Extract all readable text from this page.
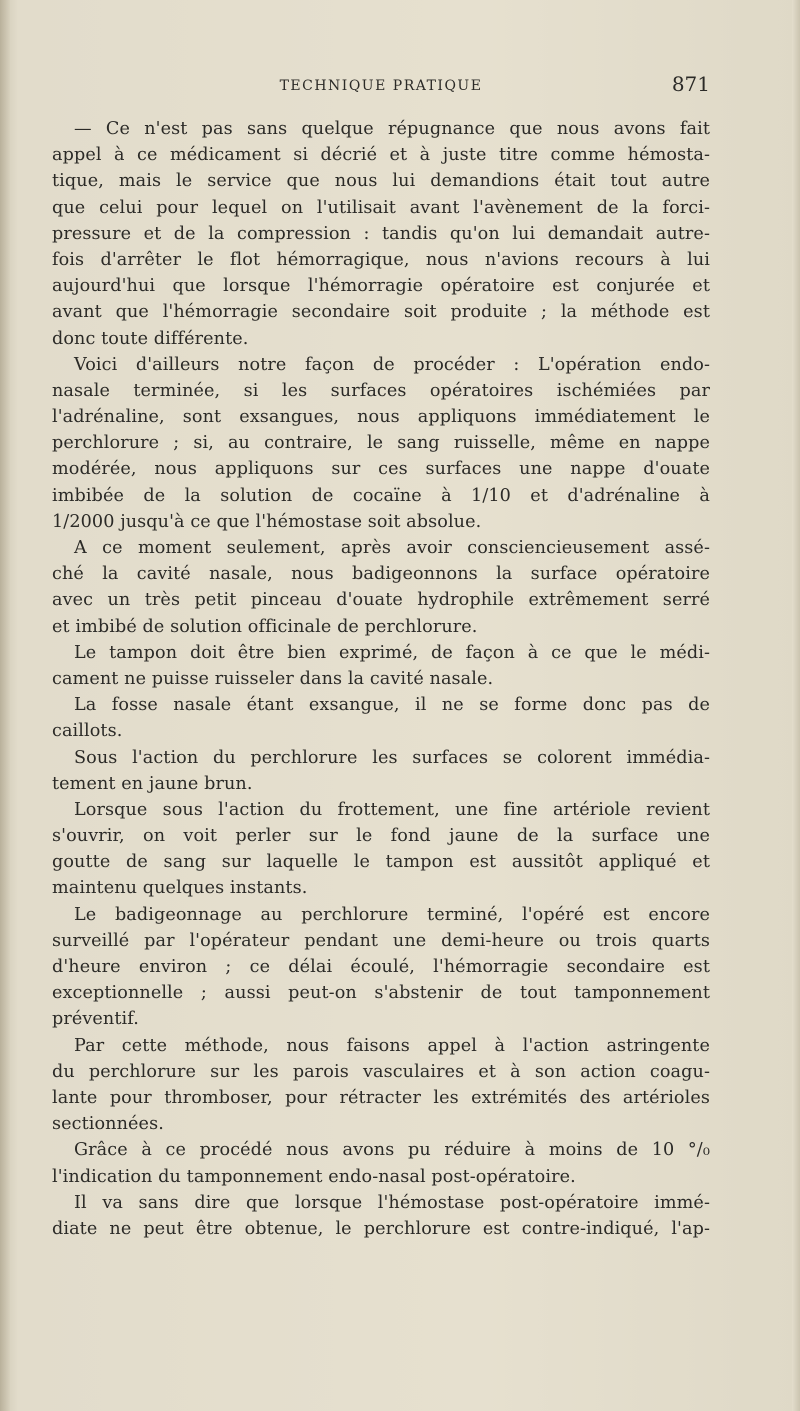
TECHNIQUE PRATIQUE	871
— Ce n'est pas sans quelque répugnance que nous avons fait
appel à ce médicament si décrié et à juste titre comme hémosta-
tique, mais le service que nous lui demandions était tout autre
que celui pour lequel on l'utilisait avant l'avènement de la forci-
pressure et de la compression : tandis qu'on lui demandait autre-
fois d'arrêter le flot hémorragique, nous n'avions recours à lui
aujourd'hui que lorsque l'hémorragie opératoire est conjurée et
avant que l'hémorragie secondaire soit produite ; la méthode est
donc toute différente.
Voici d'ailleurs notre façon de procéder : L'opération endo-
nasale terminée, si les surfaces opératoires ischémiées par
l'adrénaline, sont exsangues, nous appliquons immédiatement le
perchlorure ; si, au contraire, le sang ruisselle, même en nappe
modérée, nous appliquons sur ces surfaces une nappe d'ouate
imbibée de la solution de cocaïne à 1/10 et d'adrénaline à
1/2000 jusqu'à ce que l'hémostase soit absolue.
A ce moment seulement, après avoir consciencieusement assé-
ché la cavité nasale, nous badigeonnons la surface opératoire
avec un très petit pinceau d'ouate hydrophile extrêmement serré
et imbibé de solution officinale de perchlorure.
Le tampon doit être bien exprimé, de façon à ce que le médi-
cament ne puisse ruisseler dans la cavité nasale.
La fosse nasale étant exsangue, il ne se forme donc pas de
caillots.
Sous l'action du perchlorure les surfaces se colorent immédia-
tement en jaune brun.
Lorsque sous l'action du frottement, une fine artériole revient
s'ouvrir, on voit perler sur le fond jaune de la surface une
goutte de sang sur laquelle le tampon est aussitôt appliqué et
maintenu quelques instants.
Le badigeonnage au perchlorure terminé, l'opéré est encore
surveillé par l'opérateur pendant une demi-heure ou trois quarts
d'heure environ ; ce délai écoulé, l'hémorragie secondaire est
exceptionnelle ; aussi peut-on s'abstenir de tout tamponnement
préventif.
Par cette méthode, nous faisons appel à l'action astringente
du perchlorure sur les parois vasculaires et à son action coagu-
lante pour thromboser, pour rétracter les extrémités des artérioles
sectionnées.
Grâce à ce procédé nous avons pu réduire à moins de 10 °/₀
l'indication du tamponnement endo-nasal post-opératoire.
Il va sans dire que lorsque l'hémostase post-opératoire immé-
diate ne peut être obtenue, le perchlorure est contre-indiqué, l'ap-
